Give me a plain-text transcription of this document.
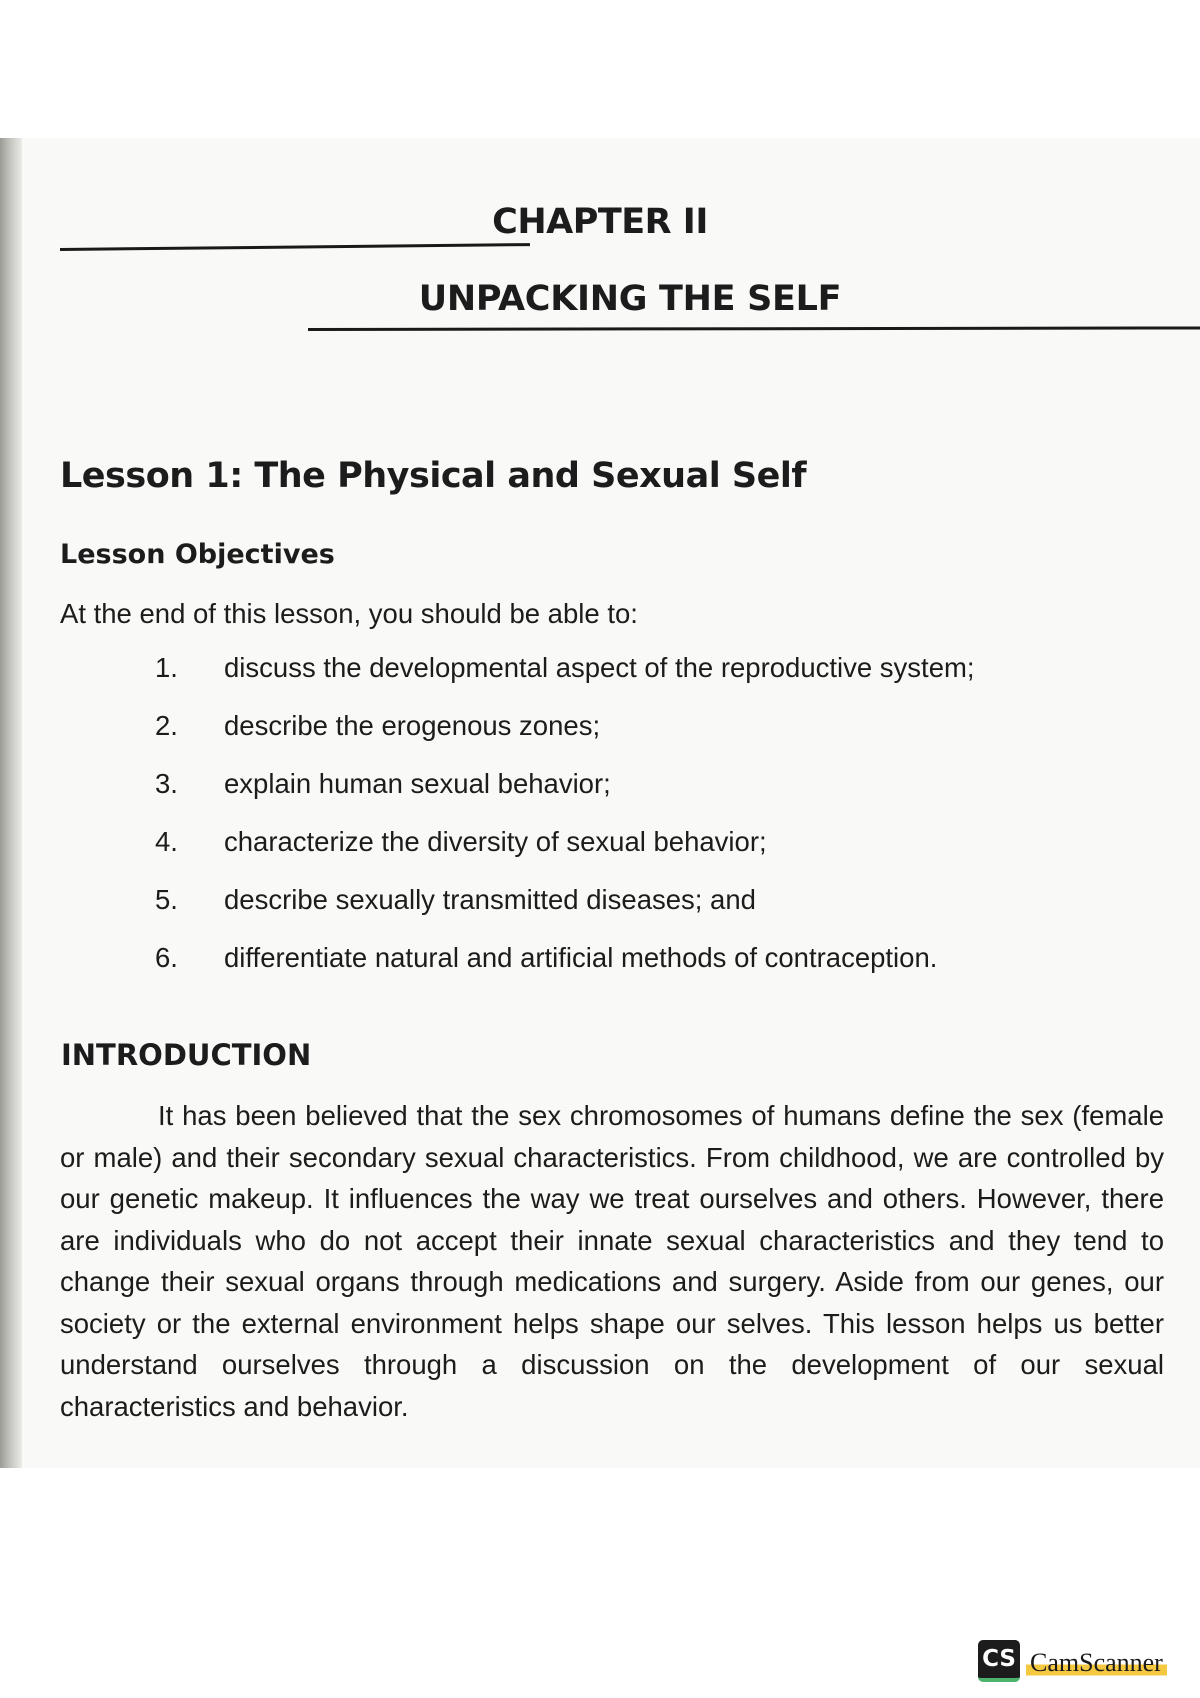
CHAPTER II
UNPACKING THE SELF
Lesson 1: The Physical and Sexual Self
Lesson Objectives

At the end of this lesson, you should be able to:

1.	discuss the developmental aspect of the reproductive system;
2.	describe the erogenous zones;
3.	explain human sexual behavior;
4.	characterize the diversity of sexual behavior;
5.	describe sexually transmitted diseases; and
6.	differentiate natural and artificial methods of contraception.
INTRODUCTION

It has been believed that the sex chromosomes of humans define the sex (female or male) and their secondary sexual characteristics. From childhood, we are controlled by our genetic makeup. It influences the way we treat ourselves and others. However, there are individuals who do not accept their innate sexual characteristics and they tend to change their sexual organs through medications and surgery. Aside from our genes, our society or the external environment helps shape our selves. This lesson helps us better understand ourselves through a discussion on the development of our sexual characteristics and behavior.

CS CamScanner
